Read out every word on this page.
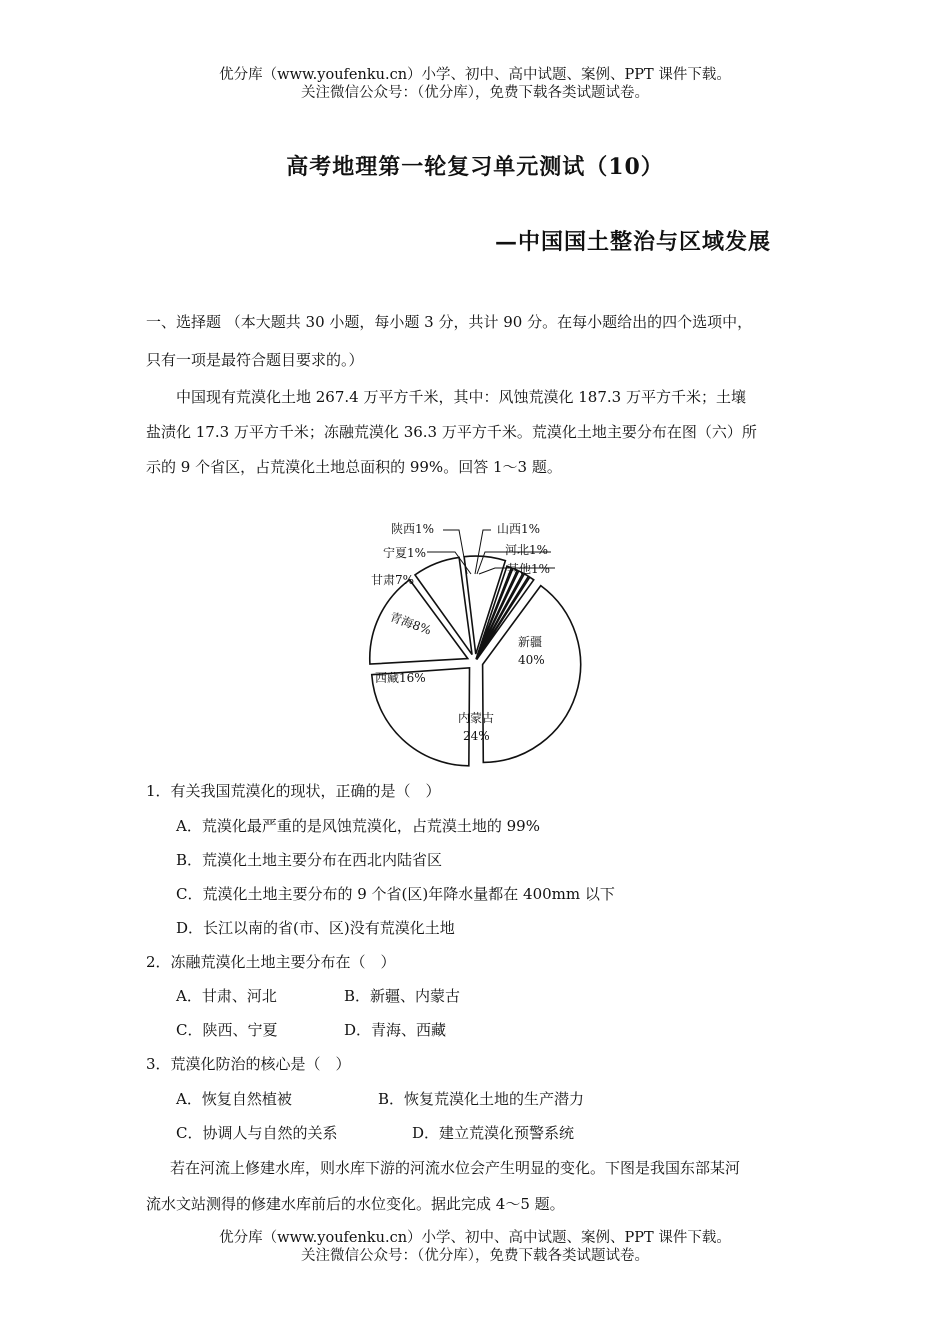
优分库（www.youfenku.cn）小学、初中、高中试题、案例、PPT 课件下载。
关注微信公众号：（优分库），免费下载各类试题试卷。
高考地理第一轮复习单元测试（10）
—中国国土整治与区域发展
一、选择题 （本大题共 30 小题，每小题 3 分，共计 90 分。在每小题给出的四个选项中，
只有一项是最符合题目要求的。）
中国现有荒漠化土地 267.4 万平方千米，其中：风蚀荒漠化 187.3 万平方千米；土壤
盐渍化 17.3 万平方千米；冻融荒漠化 36.3 万平方千米。荒漠化土地主要分布在图（六）所
示的 9 个省区，占荒漠化土地总面积的 99%。回答 1～3 题。
陕西1%
宁夏1%
甘肃7%
青海8%
西藏16%
山西1%
河北1%
其他1%
新疆
40%
内蒙古
24%
1．有关我国荒漠化的现状，正确的是（　）
A．荒漠化最严重的是风蚀荒漠化，占荒漠土地的 99%
B．荒漠化土地主要分布在西北内陆省区
C．荒漠化土地主要分布的 9 个省(区)年降水量都在 400mm 以下
D．长江以南的省(市、区)没有荒漠化土地
2．冻融荒漠化土地主要分布在（　）
A．甘肃、河北	B．新疆、内蒙古
C．陕西、宁夏	D．青海、西藏
3．荒漠化防治的核心是（　）
A．恢复自然植被	B．恢复荒漠化土地的生产潜力
C．协调人与自然的关系	D．建立荒漠化预警系统
若在河流上修建水库，则水库下游的河流水位会产生明显的变化。下图是我国东部某河
流水文站测得的修建水库前后的水位变化。据此完成 4～5 题。
优分库（www.youfenku.cn）小学、初中、高中试题、案例、PPT 课件下载。
关注微信公众号：（优分库），免费下载各类试题试卷。
